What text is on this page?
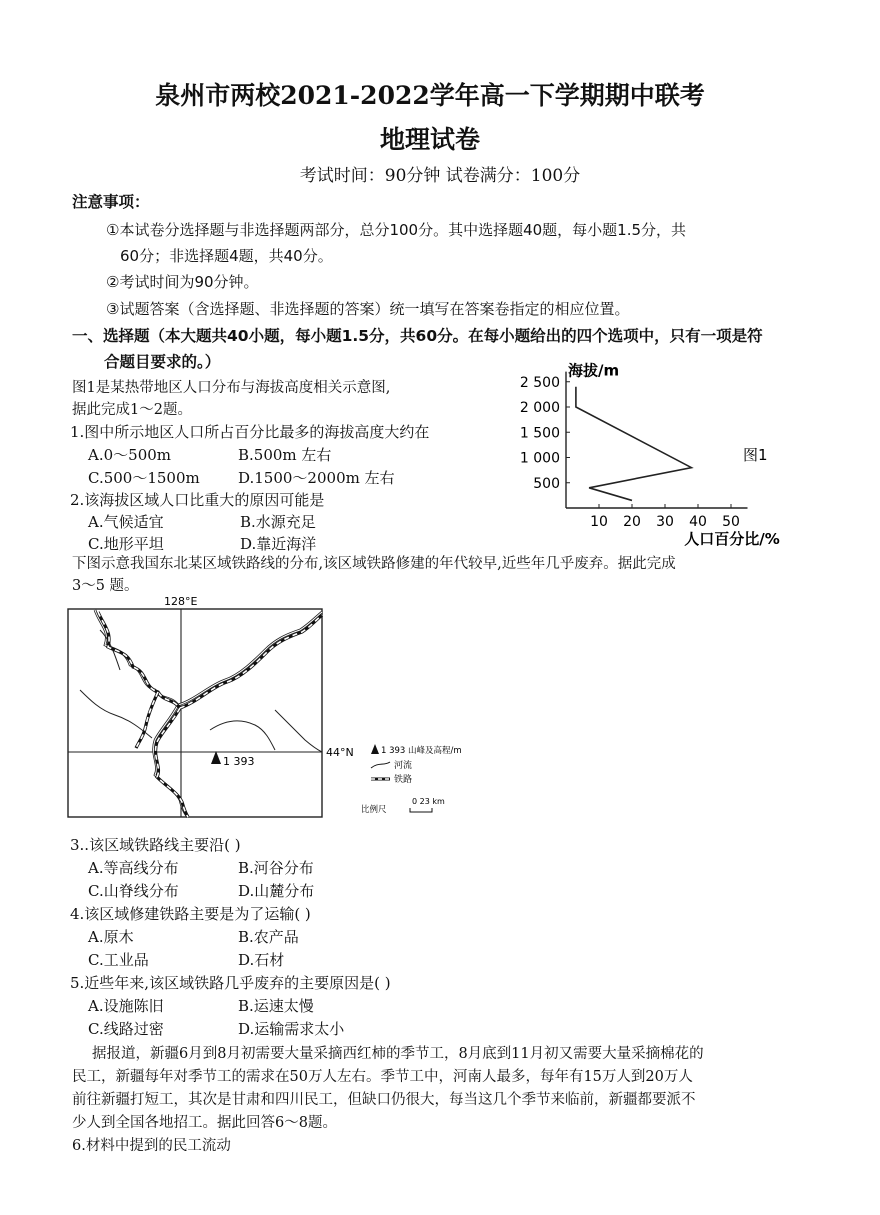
泉州市两校2021-2022学年高一下学期期中联考
地理试卷
考试时间：90分钟 试卷满分：100分
注意事项：
①本试卷分选择题与非选择题两部分，总分100分。其中选择题40题，每小题1.5分，共
60分；非选择题4题，共40分。
②考试时间为90分钟。
③试题答案（含选择题、非选择题的答案）统一填写在答案卷指定的相应位置。
一、选择题（本大题共40小题，每小题1.5分，共60分。在每小题给出的四个选项中，只有一项是符
合题目要求的。）
图1是某热带地区人口分布与海拔高度相关示意图,
据此完成1～2题。
1.图中所示地区人口所占百分比最多的海拔高度大约在
A.0～500m	B.500m 左右
C.500～1500m	D.1500～2000m 左右
2.该海拔区域人口比重大的原因可能是
A.气候适宜	B.水源充足
C.地形平坦	D.靠近海洋
500
1 000
1 500
2 000
2 500
10 20 30 40 50
海拔/m
人口百分比/%
图1
下图示意我国东北某区域铁路线的分布,该区域铁路修建的年代较早,近些年几乎废弃。据此完成
3～5 题。
128°E
44°N
1 393
1 393 山峰及高程/m
河流
铁路
比例尺
0 23 km
3..该区域铁路线主要沿( )
A.等高线分布	B.河谷分布
C.山脊线分布	D.山麓分布
4.该区域修建铁路主要是为了运输( )
A.原木	B.农产品
C.工业品	D.石材
5.近些年来,该区域铁路几乎废弃的主要原因是( )
A.设施陈旧	B.运速太慢
C.线路过密	D.运输需求太小
据报道，新疆6月到8月初需要大量采摘西红柿的季节工，8月底到11月初又需要大量采摘棉花的
民工，新疆每年对季节工的需求在50万人左右。季节工中，河南人最多，每年有15万人到20万人
前往新疆打短工，其次是甘肃和四川民工，但缺口仍很大，每当这几个季节来临前，新疆都要派不
少人到全国各地招工。据此回答6～8题。
6.材料中提到的民工流动
